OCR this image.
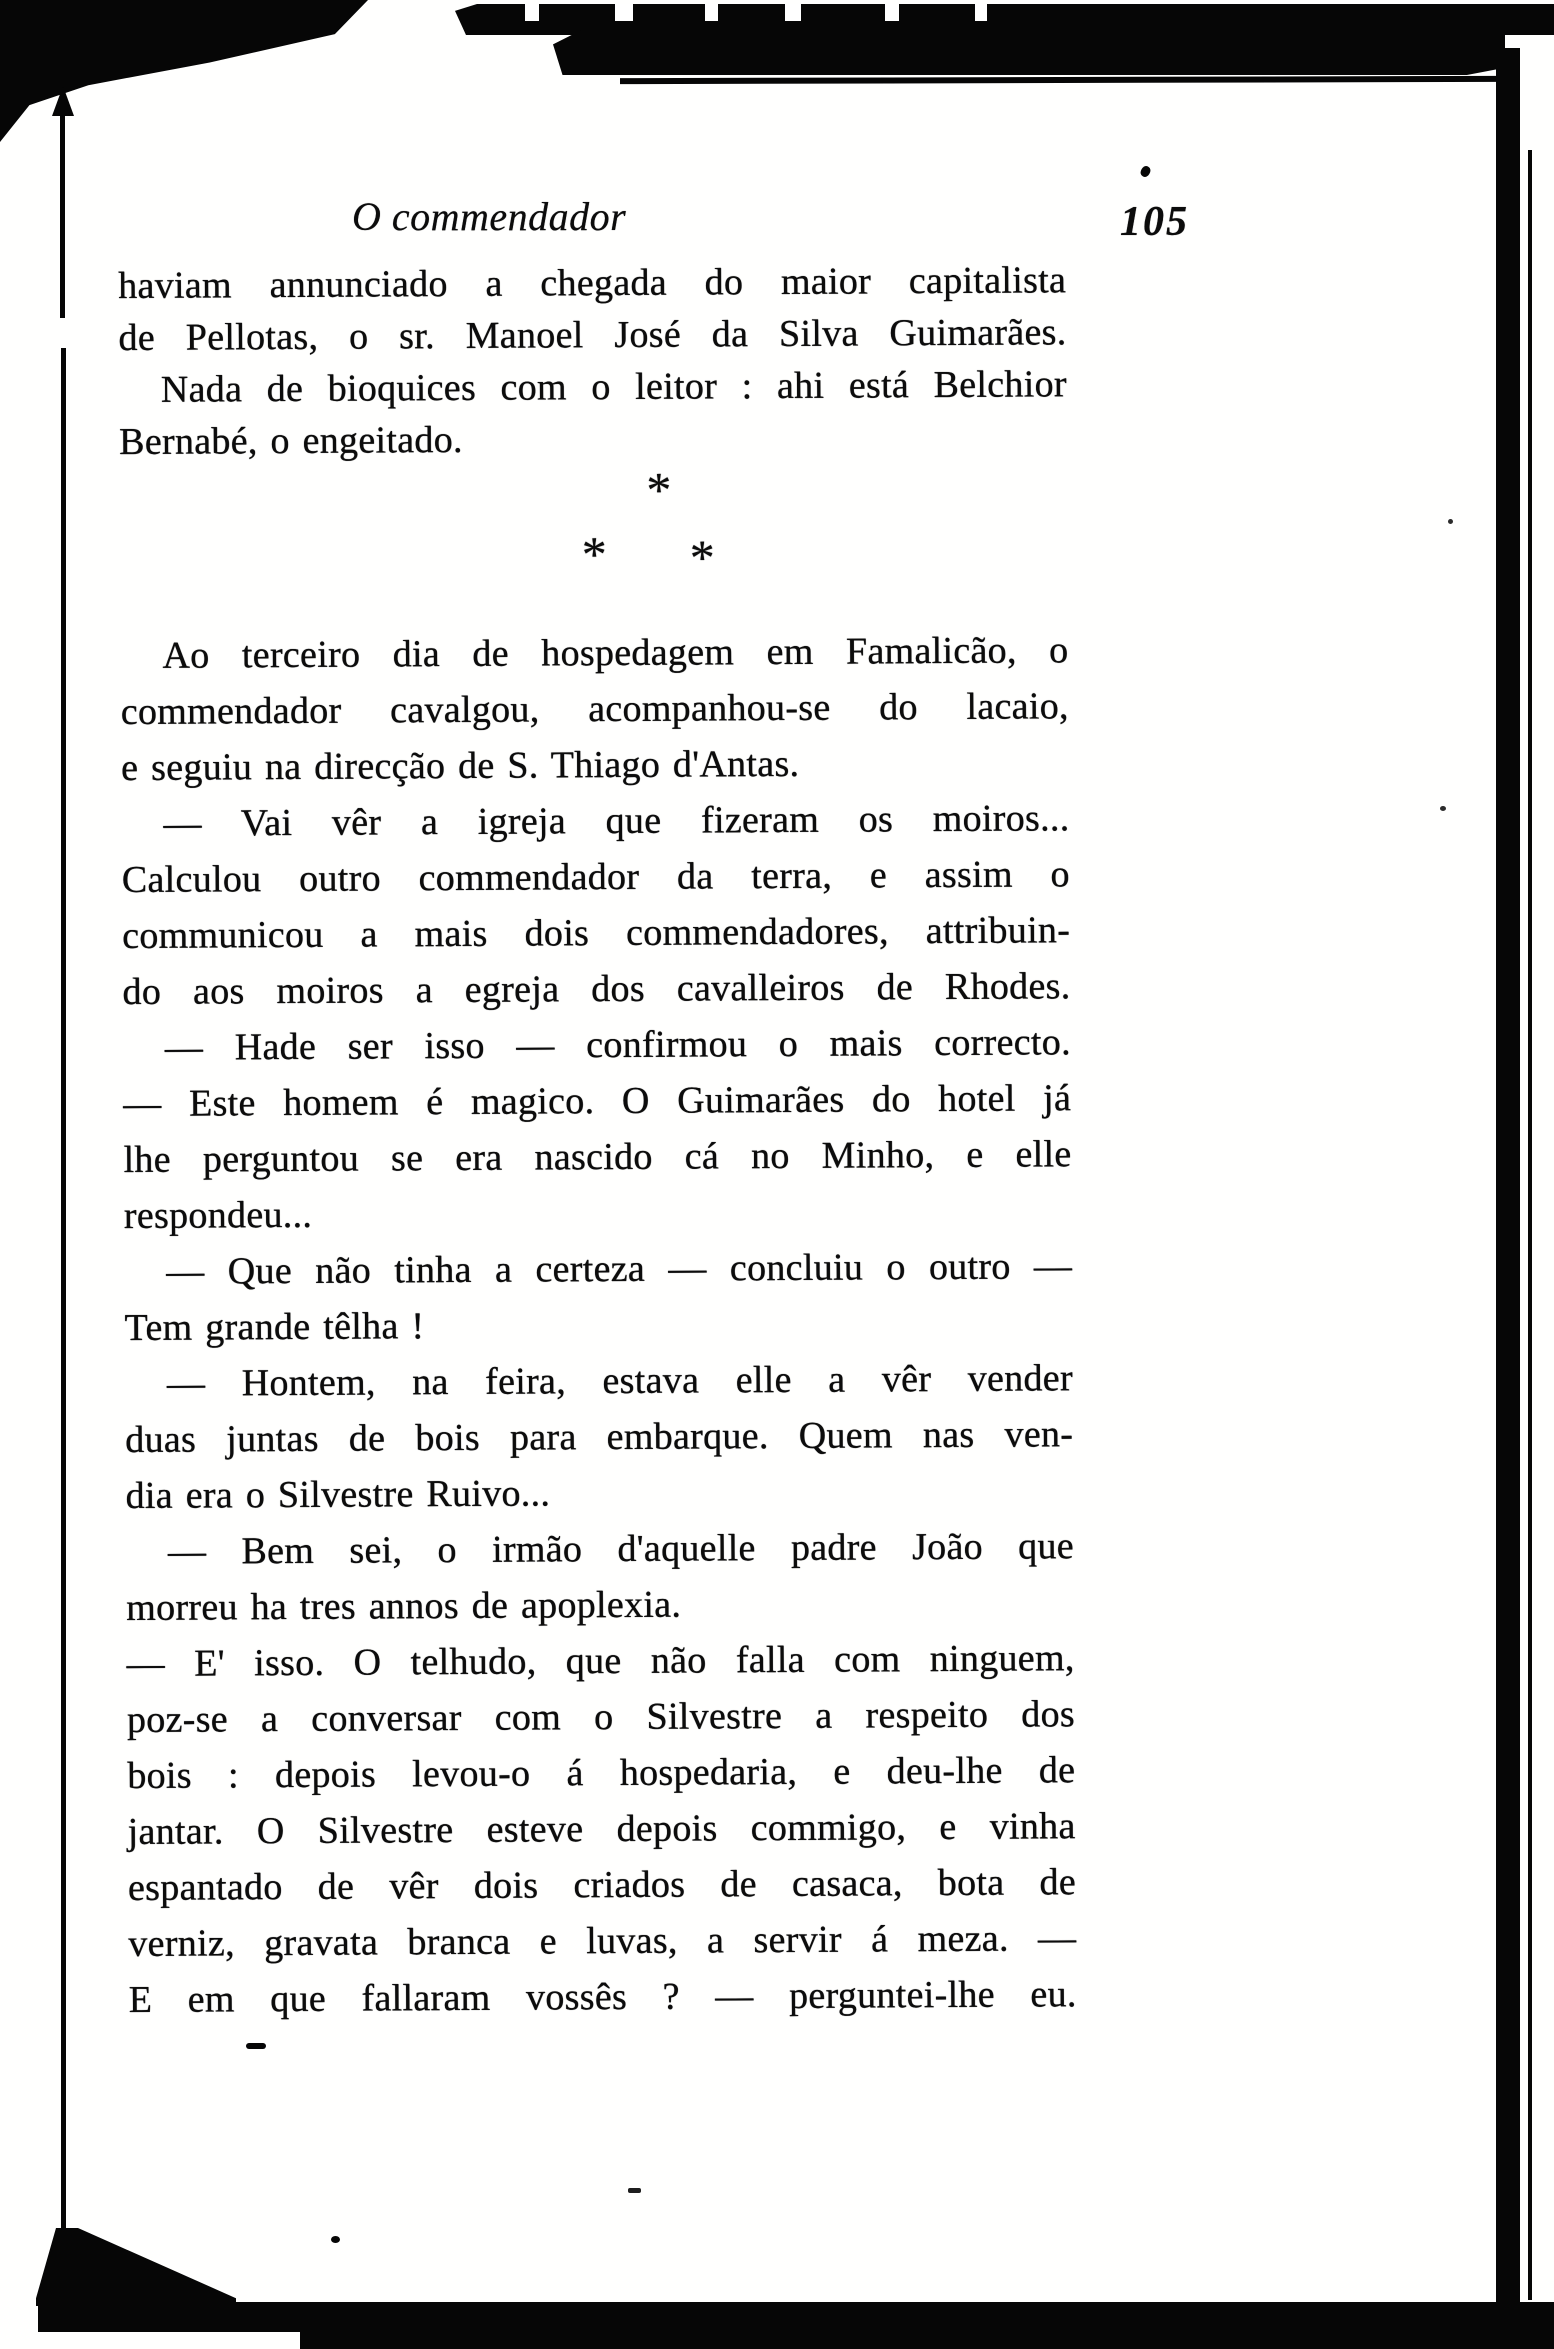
O commendador	105
haviam annunciado a chegada do maior capitalista
de Pellotas, o sr. Manoel José da Silva Guimarães.
Nada de bioquices com o leitor : ahi está Belchior
Bernabé, o engeitado.
*
* *
Ao terceiro dia de hospedagem em Famalicão, o
commendador cavalgou, acompanhou-se do lacaio,
e seguiu na direcção de S. Thiago d'Antas.
— Vai vêr a igreja que fizeram os moiros...
Calculou outro commendador da terra, e assim o
communicou a mais dois commendadores, attribuin-
do aos moiros a egreja dos cavalleiros de Rhodes.
— Hade ser isso — confirmou o mais correcto.
— Este homem é magico. O Guimarães do hotel já
lhe perguntou se era nascido cá no Minho, e elle
respondeu...
— Que não tinha a certeza — concluiu o outro —
Tem grande têlha !
— Hontem, na feira, estava elle a vêr vender
duas juntas de bois para embarque. Quem nas ven-
dia era o Silvestre Ruivo...
— Bem sei, o irmão d'aquelle padre João que
morreu ha tres annos de apoplexia.
— E' isso. O telhudo, que não falla com ninguem,
poz-se a conversar com o Silvestre a respeito dos
bois : depois levou-o á hospedaria, e deu-lhe de
jantar. O Silvestre esteve depois commigo, e vinha
espantado de vêr dois criados de casaca, bota de
verniz, gravata branca e luvas, a servir á meza. —
E em que fallaram vossês ? — perguntei-lhe eu.
